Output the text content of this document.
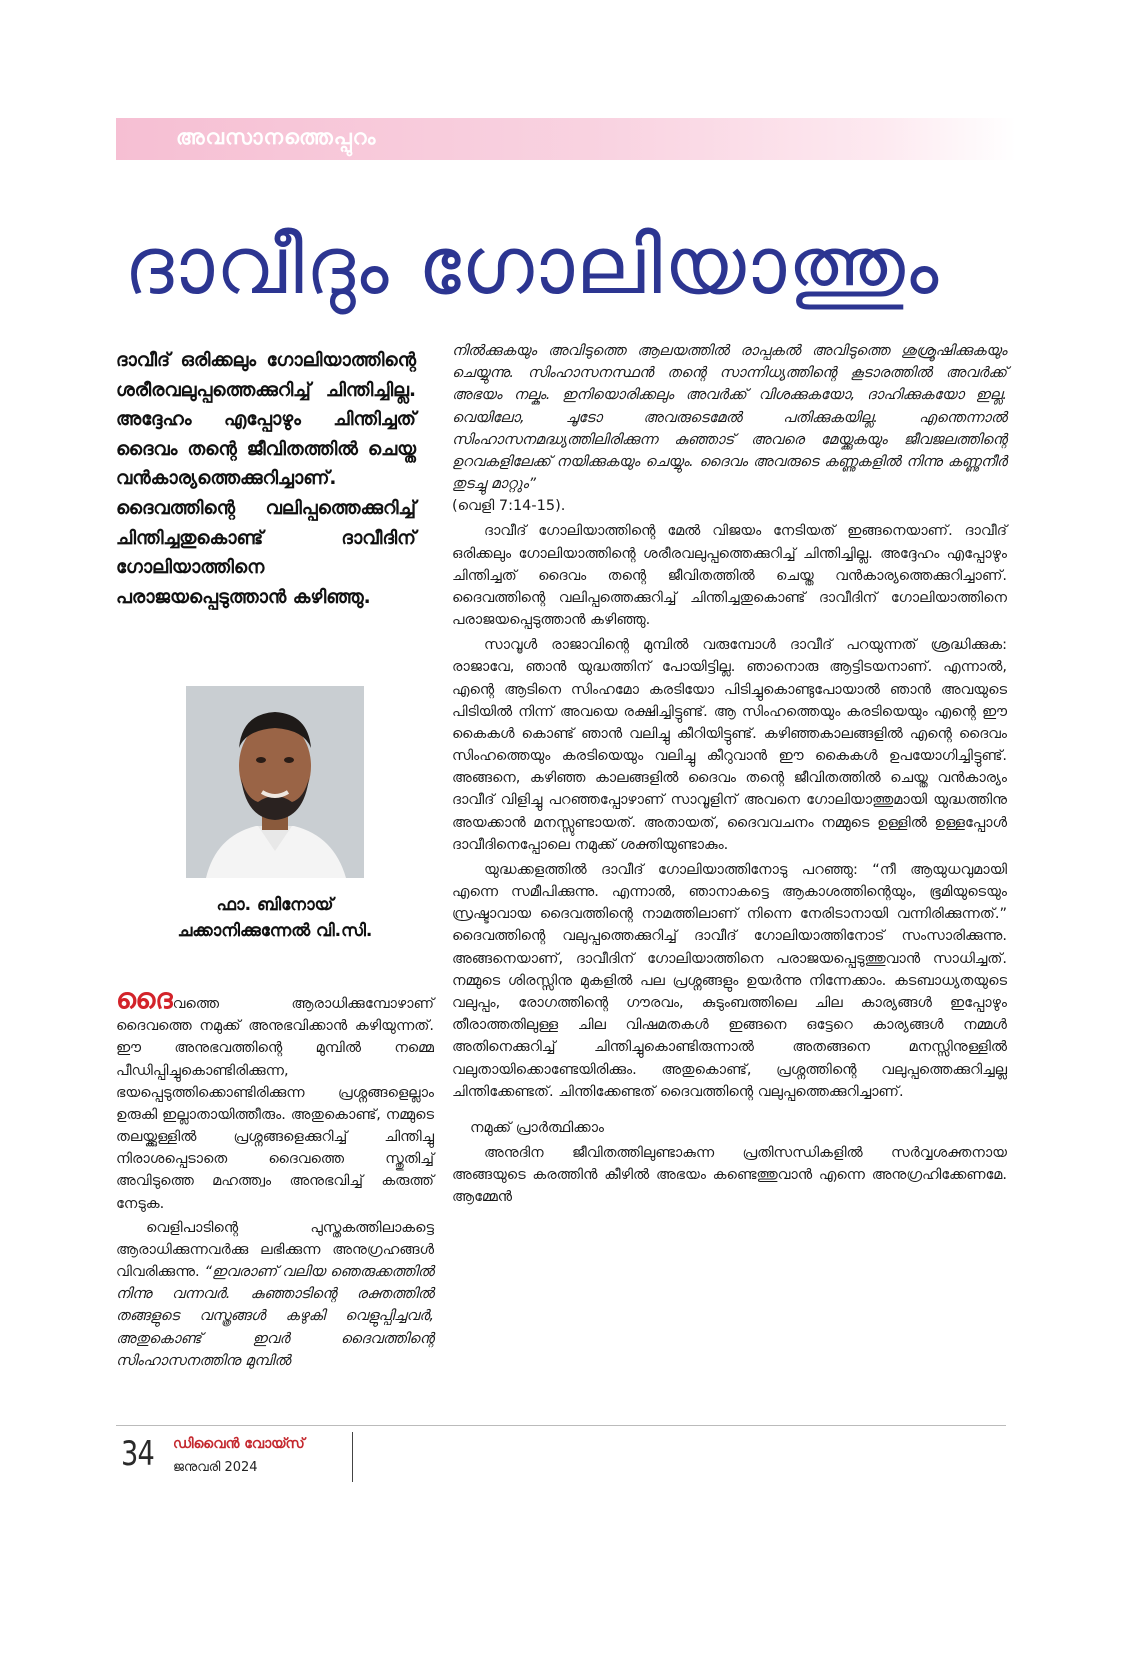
അവസാനത്തെപ്പുറം
ദാവീദും ഗോലിയാത്തും
ദാവീദ് ഒരിക്കലും ഗോലിയാത്തിന്റെ ശരീരവലുപ്പത്തെക്കുറിച്ച് ചിന്തിച്ചില്ല. അദ്ദേഹം എപ്പോഴും ചിന്തിച്ചത് ദൈവം തന്റെ ജീവിതത്തിൽ ചെയ്ത വൻകാര്യത്തെക്കുറിച്ചാണ്. ദൈവത്തിന്റെ വലിപ്പത്തെക്കുറിച്ച് ചിന്തിച്ചതുകൊണ്ട് ദാവീദിന് ഗോലിയാത്തിനെ പരാജയപ്പെടുത്താൻ കഴിഞ്ഞു.
ഫാ. ബിനോയ്
ചക്കാനിക്കുന്നേൽ വി.സി.

ദൈവത്തെ ആരാധിക്കുമ്പോഴാണ് ദൈവത്തെ നമുക്ക് അനുഭവിക്കാൻ കഴിയുന്നത്. ഈ അനുഭവത്തിന്റെ മുമ്പിൽ നമ്മെ പീഡിപ്പിച്ചുകൊണ്ടിരിക്കുന്ന, ഭയപ്പെടുത്തിക്കൊണ്ടിരിക്കുന്ന പ്രശ്നങ്ങളെല്ലാം ഉരുകി ഇല്ലാതായിത്തീരും. അതുകൊണ്ട്, നമ്മുടെ തലയ്ക്കുള്ളിൽ പ്രശ്നങ്ങളെക്കുറിച്ച് ചിന്തിച്ചു നിരാശപ്പെടാതെ ദൈവത്തെ സ്തുതിച്ച് അവിടുത്തെ മഹത്ത്വം അനുഭവിച്ച് കരുത്ത് നേടുക.

വെളിപാടിന്റെ പുസ്തകത്തിലാകട്ടെ ആരാധിക്കുന്നവർക്കു ലഭിക്കുന്ന അനുഗ്രഹങ്ങൾ വിവരിക്കുന്നു. “ഇവരാണ് വലിയ ഞെരുക്കത്തിൽ നിന്നു വന്നവർ. കുഞ്ഞാടിന്റെ രക്തത്തിൽ തങ്ങളുടെ വസ്ത്രങ്ങൾ കഴുകി വെളുപ്പിച്ചവർ, അതുകൊണ്ട് ഇവർ ദൈവത്തിന്റെ സിംഹാസനത്തിനു മുമ്പിൽ

നിൽക്കുകയും അവിടുത്തെ ആലയത്തിൽ രാപ്പകൽ അവിടുത്തെ ശുശ്രൂഷിക്കുകയും ചെയ്യുന്നു. സിംഹാസനസ്ഥൻ തന്റെ സാന്നിധ്യത്തിന്റെ കൂടാരത്തിൽ അവർക്ക് അഭയം നല്കും. ഇനിയൊരിക്കലും അവർക്ക് വിശക്കുകയോ, ദാഹിക്കുകയോ ഇല്ല. വെയിലോ, ചൂടോ അവരുടെമേൽ പതിക്കുകയില്ല. എന്തെന്നാൽ സിംഹാസനമദ്ധ്യത്തിലിരിക്കുന്ന കുഞ്ഞാട് അവരെ മേയ്ക്കുകയും ജീവജലത്തിന്റെ ഉറവകളിലേക്ക് നയിക്കുകയും ചെയ്യും. ദൈവം അവരുടെ കണ്ണുകളിൽ നിന്നു കണ്ണുനീർ തുടച്ചു മാറ്റും”
(വെളി 7:14-15).

ദാവീദ് ഗോലിയാത്തിന്റെ മേൽ വിജയം നേടിയത് ഇങ്ങനെയാണ്. ദാവീദ് ഒരിക്കലും ഗോലിയാത്തിന്റെ ശരീരവലുപ്പത്തെക്കുറിച്ച് ചിന്തിച്ചില്ല. അദ്ദേഹം എപ്പോഴും ചിന്തിച്ചത് ദൈവം തന്റെ ജീവിതത്തിൽ ചെയ്ത വൻകാര്യത്തെക്കുറിച്ചാണ്. ദൈവത്തിന്റെ വലിപ്പത്തെക്കുറിച്ച് ചിന്തിച്ചതുകൊണ്ട് ദാവീദിന് ഗോലിയാത്തിനെ പരാജയപ്പെടുത്താൻ കഴിഞ്ഞു.

സാവൂൾ രാജാവിന്റെ മുമ്പിൽ വരുമ്പോൾ ദാവീദ് പറയുന്നത് ശ്രദ്ധിക്കുക: രാജാവേ, ഞാൻ യുദ്ധത്തിന് പോയിട്ടില്ല. ഞാനൊരു ആട്ടിടയനാണ്. എന്നാൽ, എന്റെ ആടിനെ സിംഹമോ കരടിയോ പിടിച്ചുകൊണ്ടുപോയാൽ ഞാൻ അവയുടെ പിടിയിൽ നിന്ന് അവയെ രക്ഷിച്ചിട്ടുണ്ട്. ആ സിംഹത്തെയും കരടിയെയും എന്റെ ഈ കൈകൾ കൊണ്ട് ഞാൻ വലിച്ചു കീറിയിട്ടുണ്ട്. കഴിഞ്ഞകാലങ്ങളിൽ എന്റെ ദൈവം സിംഹത്തെയും കരടിയെയും വലിച്ചു കീറുവാൻ ഈ കൈകൾ ഉപയോഗിച്ചിട്ടുണ്ട്. അങ്ങനെ, കഴിഞ്ഞ കാലങ്ങളിൽ ദൈവം തന്റെ ജീവിതത്തിൽ ചെയ്ത വൻകാര്യം ദാവീദ് വിളിച്ചു പറഞ്ഞപ്പോഴാണ് സാവൂളിന് അവനെ ഗോലിയാത്തുമായി യുദ്ധത്തിനു അയക്കാൻ മനസ്സുണ്ടായത്. അതായത്, ദൈവവചനം നമ്മുടെ ഉള്ളിൽ ഉള്ളപ്പോൾ ദാവീദിനെപ്പോലെ നമുക്ക് ശക്തിയുണ്ടാകും.

യുദ്ധക്കളത്തിൽ ദാവീദ് ഗോലിയാത്തിനോടു പറഞ്ഞു: “നീ ആയുധവുമായി എന്നെ സമീപിക്കുന്നു. എന്നാൽ, ഞാനാകട്ടെ ആകാശത്തിന്റെയും, ഭൂമിയുടെയും സ്രഷ്ടാവായ ദൈവത്തിന്റെ നാമത്തിലാണ് നിന്നെ നേരിടാനായി വന്നിരിക്കുന്നത്.” ദൈവത്തിന്റെ വലുപ്പത്തെക്കുറിച്ച് ദാവീദ് ഗോലിയാത്തിനോട് സംസാരിക്കുന്നു. അങ്ങനെയാണ്, ദാവീദിന് ഗോലിയാത്തിനെ പരാജയപ്പെടുത്തുവാൻ സാധിച്ചത്. നമ്മുടെ ശിരസ്സിനു മുകളിൽ പല പ്രശ്നങ്ങളും ഉയർന്നു നിന്നേക്കാം. കടബാധ്യതയുടെ വലുപ്പം, രോഗത്തിന്റെ ഗൗരവം, കുടുംബത്തിലെ ചില കാര്യങ്ങൾ ഇപ്പോഴും തീരാത്തതിലുള്ള ചില വിഷമതകൾ ഇങ്ങനെ ഒട്ടേറെ കാര്യങ്ങൾ നമ്മൾ അതിനെക്കുറിച്ച് ചിന്തിച്ചുകൊണ്ടിരുന്നാൽ അതങ്ങനെ മനസ്സിനുള്ളിൽ വലുതായിക്കൊണ്ടേയിരിക്കും. അതുകൊണ്ട്, പ്രശ്നത്തിന്റെ വലുപ്പത്തെക്കുറിച്ചല്ല ചിന്തിക്കേണ്ടത്. ചിന്തിക്കേണ്ടത് ദൈവത്തിന്റെ വലുപ്പത്തെക്കുറിച്ചാണ്.

നമുക്ക് പ്രാർത്ഥിക്കാം

അനുദിന ജീവിതത്തിലുണ്ടാകുന്ന പ്രതിസന്ധികളിൽ സർവ്വശക്തനായ അങ്ങയുടെ കരത്തിൻ കീഴിൽ അഭയം കണ്ടെത്തുവാൻ എന്നെ അനുഗ്രഹിക്കേണമേ. ആമ്മേൻ

34 ഡിവൈൻ വോയ്സ്
ജനുവരി 2024
